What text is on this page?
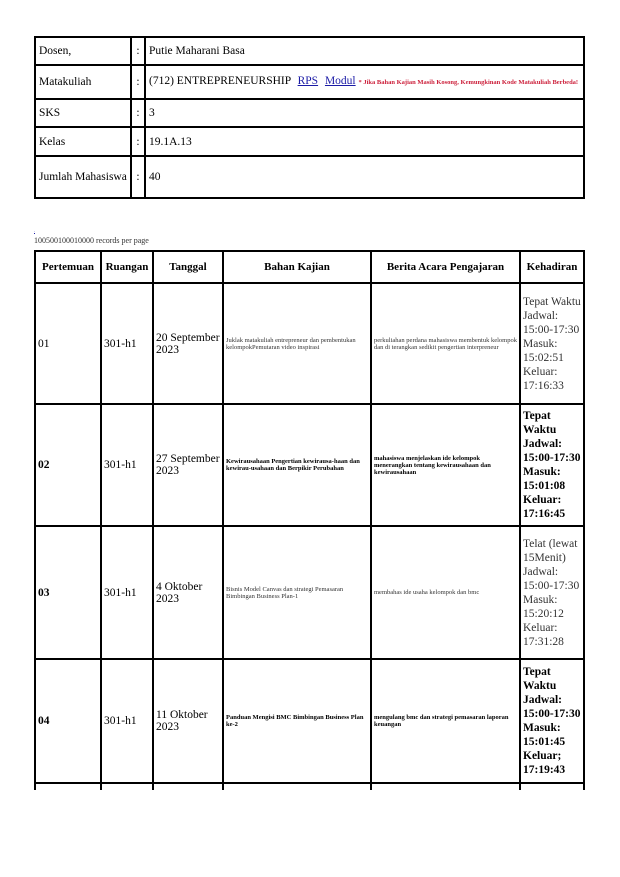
Dosen,	:	Putie Maharani Basa
Matakuliah	:	(712) ENTREPRENEURSHIP RPS Modul * Jika Bahan Kajian Masih Kosong, Kemungkinan Kode Matakuliah Berbeda!

SKS	:	3
Kelas	:	19.1A.13
Jumlah Mahasiswa	:	40
-
100500100010000 records per page
Pertemuan	Ruangan	Tanggal	Bahan Kajian	Berita Acara Pengajaran	Kehadiran
01	301-h1	20 September 2023	Juklak matakuliah entrepreneur dan pembentukan kelompokPemutaran video inspirasi	perkuliahan perdana mahasiswa membentuk kelompok dan di terangkan sedikit pengertian interpreneur	Tepat Waktu Jadwal: 15:00-17:30 Masuk: 15:02:51 Keluar: 17:16:33
02	301-h1	27 September 2023	Kewirausahaan Pengertian kewirausa-haan dan kewirau-usahaan dan Berpikir Perubahan	mahasiswa menjelaskan ide kelompok menerangkan tentang kewirausahaan dan kewirausahaan	Tepat Waktu Jadwal: 15:00-17:30 Masuk: 15:01:08 Keluar: 17:16:45
03	301-h1	4 Oktober 2023	Bisnis Model Canvas dan strategi Pemasaran Bimbingan Business Plan-1	membahas ide usaha kelompok dan bmc	Telat (lewat 15Menit) Jadwal: 15:00-17:30 Masuk: 15:20:12 Keluar: 17:31:28
04	301-h1	11 Oktober 2023	Panduan Mengisi BMC Bimbingan Business Plan ke-2	mengulang bmc dan strategi pemasaran laporan keuangan	Tepat Waktu Jadwal: 15:00-17:30 Masuk: 15:01:45 Keluar; 17:19:43
